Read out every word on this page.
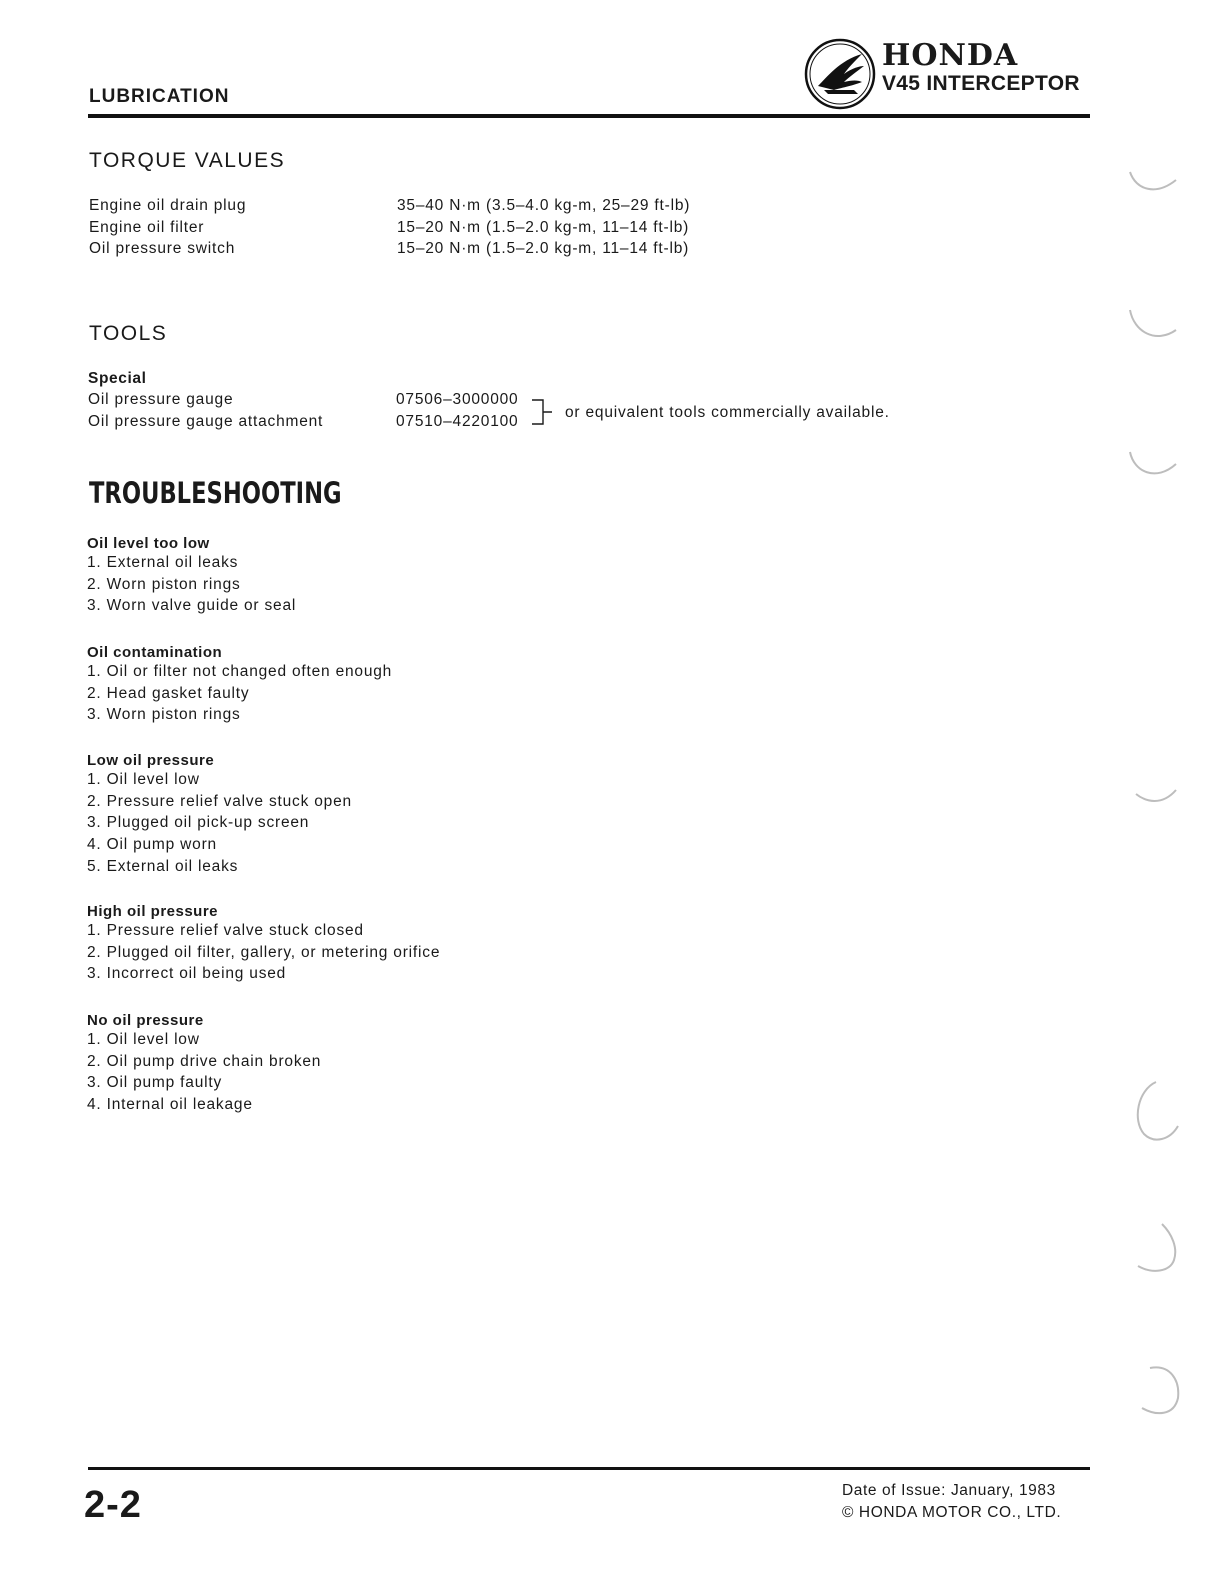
LUBRICATION
HONDA
V45 INTERCEPTOR
TORQUE VALUES
Engine oil drain plug	35–40 N·m (3.5–4.0 kg-m, 25–29 ft-lb)
Engine oil filter	15–20 N·m (1.5–2.0 kg-m, 11–14 ft-lb)
Oil pressure switch	15–20 N·m (1.5–2.0 kg-m, 11–14 ft-lb)
TOOLS
Special
Oil pressure gauge	07506–3000000
Oil pressure gauge attachment	07510–4220100	or equivalent tools commercially available.
TROUBLESHOOTING
Oil level too low
1. External oil leaks
2. Worn piston rings
3. Worn valve guide or seal
Oil contamination
1. Oil or filter not changed often enough
2. Head gasket faulty
3. Worn piston rings
Low oil pressure
1. Oil level low
2. Pressure relief valve stuck open
3. Plugged oil pick-up screen
4. Oil pump worn
5. External oil leaks
High oil pressure
1. Pressure relief valve stuck closed
2. Plugged oil filter, gallery, or metering orifice
3. Incorrect oil being used
No oil pressure
1. Oil level low
2. Oil pump drive chain broken
3. Oil pump faulty
4. Internal oil leakage
2-2	Date of Issue: January, 1983
© HONDA MOTOR CO., LTD.
